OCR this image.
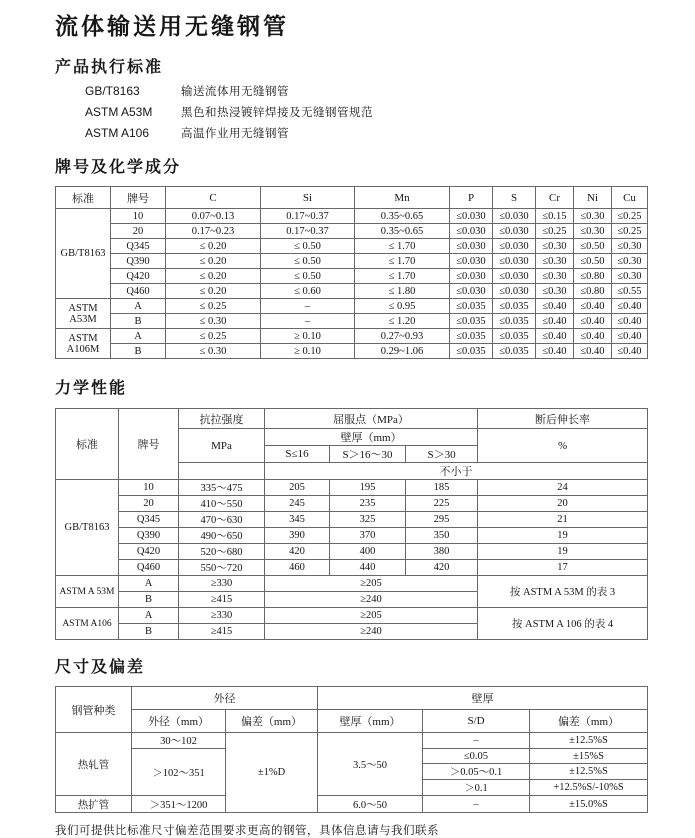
流体输送用无缝钢管
产品执行标准
GB/T8163	输送流体用无缝钢管
ASTM A53M	黑色和热浸镀锌焊接及无缝钢管规范
ASTM A106	高温作业用无缝钢管
牌号及化学成分
标准	牌号	C	Si	Mn	P	S	Cr	Ni	Cu
GB/T8163	10	0.07~0.13	0.17~0.37	0.35~0.65	≤0.030	≤0.030	≤0.15	≤0.30	≤0.25
	20	0.17~0.23	0.17~0.37	0.35~0.65	≤0.030	≤0.030	≤0.25	≤0.30	≤0.25
	Q345	≤ 0.20	≤ 0.50	≤ 1.70	≤0.030	≤0.030	≤0.30	≤0.50	≤0.30
	Q390	≤ 0.20	≤ 0.50	≤ 1.70	≤0.030	≤0.030	≤0.30	≤0.50	≤0.30
	Q420	≤ 0.20	≤ 0.50	≤ 1.70	≤0.030	≤0.030	≤0.30	≤0.80	≤0.30
	Q460	≤ 0.20	≤ 0.60	≤ 1.80	≤0.030	≤0.030	≤0.30	≤0.80	≤0.55
ASTM A53M	A	≤ 0.25	–	≤ 0.95	≤0.035	≤0.035	≤0.40	≤0.40	≤0.40
	B	≤ 0.30	–	≤ 1.20	≤0.035	≤0.035	≤0.40	≤0.40	≤0.40
ASTM A106M	A	≤ 0.25	≥ 0.10	0.27~0.93	≤0.035	≤0.035	≤0.40	≤0.40	≤0.40
	B	≤ 0.30	≥ 0.10	0.29~1.06	≤0.035	≤0.035	≤0.40	≤0.40	≤0.40
力学性能
标准	牌号	抗拉强度	屈服点（MPa）			断后伸长率
		MPa	壁厚（mm）			%
			S≤16	S＞16～30	S＞30	
			不小于			
GB/T8163	10	335～475	205	195	185	24
	20	410～550	245	235	225	20
	Q345	470～630	345	325	295	21
	Q390	490～650	390	370	350	19
	Q420	520～680	420	400	380	19
	Q460	550～720	460	440	420	17
ASTM A 53M	A	≥330	≥205			按 ASTM A 53M 的表 3
	B	≥415	≥240			
ASTM A106	A	≥330	≥205			按 ASTM A 106 的表 4
	B	≥415	≥240			
尺寸及偏差
钢管种类	外径		壁厚		
	外径（mm）	偏差（mm）	壁厚（mm）	S/D	偏差（mm）
热轧管	30～102	±1%D	3.5～50	–	±12.5%S
	＞102～351			≤0.05	±15%S
				＞0.05～0.1	±12.5%S
				＞0.1	+12.5%S/-10%S
热扩管	＞351～1200		6.0～50	–	±15.0%S

我们可提供比标准尺寸偏差范围要求更高的钢管，具体信息请与我们联系
